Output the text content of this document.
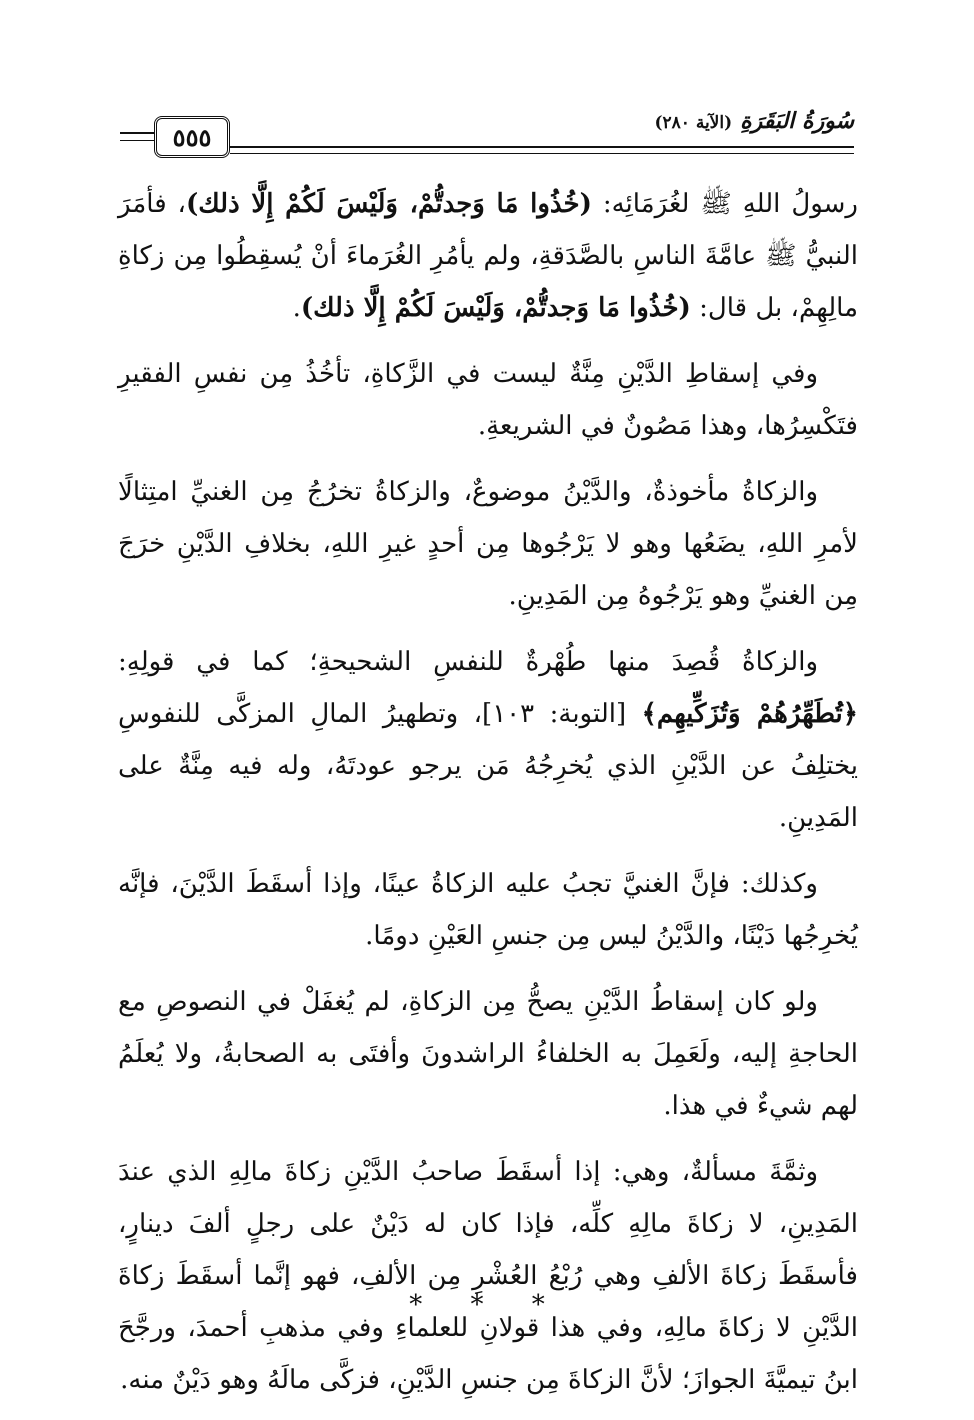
٥٥٥
سُورَةُ البَقَرَةِ
(الآية ٢٨٠)

رسولُ اللهِ ﷺ لغُرَمَائِه: (خُذُوا مَا وَجدتُّمْ، وَلَيْسَ لَكُمْ إِلَّا ذلك)، فأمَرَ النبيُّ ﷺ عامَّةَ الناسِ بالصَّدَقةِ، ولم يأمُرِ الغُرَماءَ أنْ يُسقِطُوا مِن زكاةِ مالِهِمْ، بل قال: (خُذُوا مَا وَجدتُّمْ، وَلَيْسَ لَكُمْ إِلَّا ذلك).

وفي إسقاطِ الدَّيْنِ مِنَّةٌ ليست في الزَّكاةِ، تأخُذُ مِن نفسِ الفقيرِ فتَكْسِرُها، وهذا مَصُونٌ في الشريعةِ.

والزكاةُ مأخوذةٌ، والدَّيْنُ موضوعٌ، والزكاةُ تخرُجُ مِن الغنيِّ امتِثالًا لأمرِ اللهِ، يضَعُها وهو لا يَرْجُوها مِن أحدٍ غيرِ اللهِ، بخلافِ الدَّيْنِ خرَجَ مِن الغنيِّ وهو يَرْجُوهُ مِن المَدِينِ.

والزكاةُ قُصِدَ منها طُهْرةٌ للنفسِ الشحيحةِ؛ كما في قولِهِ: ﴿تُطَهِّرُهُمْ وَتُزَكِّيهِم﴾ [التوبة: ١٠٣]، وتطهيرُ المالِ المزكَّى للنفوسِ يختلِفُ عن الدَّيْنِ الذي يُخرِجُهُ مَن يرجو عودتَهُ، وله فيه مِنَّةٌ على المَدِينِ.

وكذلك: فإنَّ الغنيَّ تجبُ عليه الزكاةُ عينًا، وإذا أسقَطَ الدَّيْنَ، فإنَّه يُخرِجُها دَيْنًا، والدَّيْنُ ليس مِن جنسِ العَيْنِ دومًا.

ولو كان إسقاطُ الدَّيْنِ يصحُّ مِن الزكاةِ، لم يُغفَلْ في النصوصِ مع الحاجةِ إليه، ولَعَمِلَ به الخلفاءُ الراشدونَ وأفتَى به الصحابةُ، ولا يُعلَمُ لهم شيءٌ في هذا.

وثمَّةَ مسألةٌ، وهي: إذا أسقَطَ صاحبُ الدَّيْنِ زكاةَ مالِهِ الذي عندَ المَدِينِ، لا زكاةَ مالِهِ كلِّه، فإذا كان له دَيْنٌ على رجلٍ ألفَ دينارٍ، فأسقَطَ زكاةَ الألفِ وهي رُبْعُ العُشْرِ مِن الألفِ، فهو إنَّما أسقَطَ زكاةَ الدَّيْنِ لا زكاةَ مالِهِ، وفي هذا قولانِ للعلماءِ وفي مذهبِ أحمدَ، ورجَّحَ ابنُ تيميَّةَ الجوازَ؛ لأنَّ الزكاةَ مِن جنسِ الدَّيْنِ، فزكَّى مالَهُ وهو دَيْنٌ منه.

* * *
